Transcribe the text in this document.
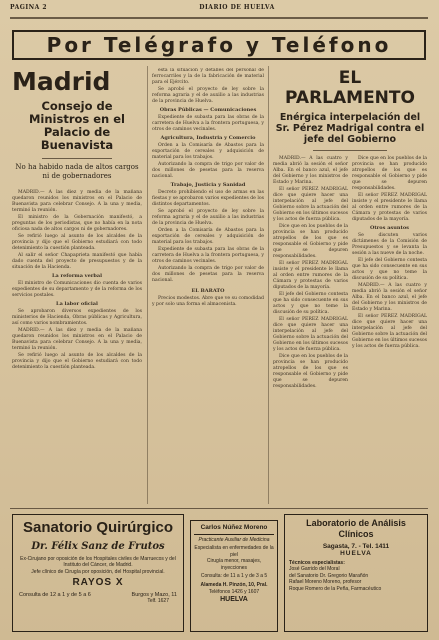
PAGINA 2	DIARIO DE HUELVA
Por Telégrafo y Teléfono
Madrid
Consejo de Ministros en el Palacio de Buenavista
No ha habido nada de altos cargos ni de gobernadores

MADRID.— A las diez y media de la mañana quedaron reunidos los ministros en el Palacio de Buenavista para celebrar Consejo. A la una y media, terminó la reunión.

El ministro de la Gobernación manifestó, a preguntas de los periodistas, que no había en la nota oficiosa nada de altos cargos ni de gobernadores.

Se refirió luego al asunto de los alcaldes de la provincia y dijo que el Gobierno estudiará con todo detenimiento la cuestión planteada.

Al salir el señor Chapaprieta manifestó que había dado cuenta del proyecto de presupuestos y de la situación de la Hacienda.

La reforma verbal

El ministro de Comunicaciones dio cuenta de varios expedientes de su departamento y de la reforma de los servicios postales.

La labor oficial

Se aprobaron diversos expedientes de los ministerios de Hacienda, Obras públicas y Agricultura, así como varios nombramientos.

MADRID.— A las diez y media de la mañana quedaron reunidos los ministros en el Palacio de Buenavista para celebrar Consejo. A la una y media, terminó la reunión.

Se refirió luego al asunto de los alcaldes de la provincia y dijo que el Gobierno estudiará con todo detenimiento la cuestión planteada.

esta la situación y detalles del personal de ferrocarriles y la de la fabricación de material para el Ejército.

Se aprobó el proyecto de ley sobre la reforma agraria y el de auxilio a las industrias de la provincia de Huelva.

Obras Públicas — Comunicaciones

Expediente de subasta para las obras de la carretera de Huelva a la frontera portuguesa, y otros de caminos vecinales.

Agricultura, Industria y Comercio

Orden a la Comisaría de Abastos para la exportación de cereales y adquisición de material para los trabajos.

Autorizando la compra de trigo por valor de dos millones de pesetas para la reserva nacional.

Trabajo, Justicia y Sanidad

Decreto prohibiendo el uso de armas en las fiestas y se aprobaron varios expedientes de los distintos departamentos.

Se aprobó el proyecto de ley sobre la reforma agraria y el de auxilio a las industrias de la provincia de Huelva.

Orden a la Comisaría de Abastos para la exportación de cereales y adquisición de material para los trabajos.

Expediente de subasta para las obras de la carretera de Huelva a la frontera portuguesa, y otros de caminos vecinales.

Autorizando la compra de trigo por valor de dos millones de pesetas para la reserva nacional.

EL BARATO

Precios modestos. Abre que ve su comodidad y por solo una forma el almacenista.

EL PARLAMENTO
Enérgica interpelación del Sr. Pérez Madrigal contra el jefe del Gobierno

MADRID.— A las cuatro y media abrió la sesión el señor Alba. En el banco azul, el jefe del Gobierno y los ministros de Estado y Marina.

El señor PEREZ MADRIGAL dice que quiere hacer una interpelación al jefe del Gobierno sobre la actuación del Gobierno en los últimos sucesos y los actos de fuerza pública.

Dice que en los pueblos de la provincia se han producido atropellos de los que es responsable el Gobierno y pide que se depuren responsabilidades.

El señor PEREZ MADRIGAL insiste y el presidente le llama al orden entre rumores de la Cámara y protestas de varios diputados de la mayoría.

El jefe del Gobierno contesta que ha sido consecuente en sus actos y que no teme la discusión de su política.

El señor PEREZ MADRIGAL dice que quiere hacer una interpelación al jefe del Gobierno sobre la actuación del Gobierno en los últimos sucesos y los actos de fuerza pública.

Dice que en los pueblos de la provincia se han producido atropellos de los que es responsable el Gobierno y pide que se depuren responsabilidades.

Dice que en los pueblos de la provincia se han producido atropellos de los que es responsable el Gobierno y pide que se depuren responsabilidades.

El señor PEREZ MADRIGAL insiste y el presidente le llama al orden entre rumores de la Cámara y protestas de varios diputados de la mayoría.

Otros asuntos

Se discuten varios dictámenes de la Comisión de Presupuestos y se levanta la sesión a las nueve de la noche.

El jefe del Gobierno contesta que ha sido consecuente en sus actos y que no teme la discusión de su política.

MADRID.— A las cuatro y media abrió la sesión el señor Alba. En el banco azul, el jefe del Gobierno y los ministros de Estado y Marina.

El señor PEREZ MADRIGAL dice que quiere hacer una interpelación al jefe del Gobierno sobre la actuación del Gobierno en los últimos sucesos y los actos de fuerza pública.

Sanatorio Quirúrgico
Dr. Félix Sanz de Frutos
Ex-Cirujano por oposición de los Hospitales civiles de Marruecos y del Instituto del Cáncer, de Madrid.
Jefe clínico de Cirugía por oposición, del Hospital provincial.
RAYOS X
Consulta de 12 a 1 y de 5 a 6	Burgos y Mazo, 11
Telf. 1627
Carlos Núñez Moreno
Practicante Auxiliar de Medicina
Especialista en enfermedades de la piel
Cirugía menor, masajes, inyecciones
Consulta: de 11 a 1 y de 3 a 5
Alameda H. Pinzón, 10, Pral.
Teléfonos 1426 y 1607
HUELVA
Laboratorio de Análisis Clínicos
Sagasta, 7. - Tel. 1411
HUELVA
Técnicos especialistas:
José Garrido del Moral
del Sanatorio Dr. Gregorio Marañón
Rafael Moreno Moreno, profesor
Roque Romero de la Peña, Farmacéutico
